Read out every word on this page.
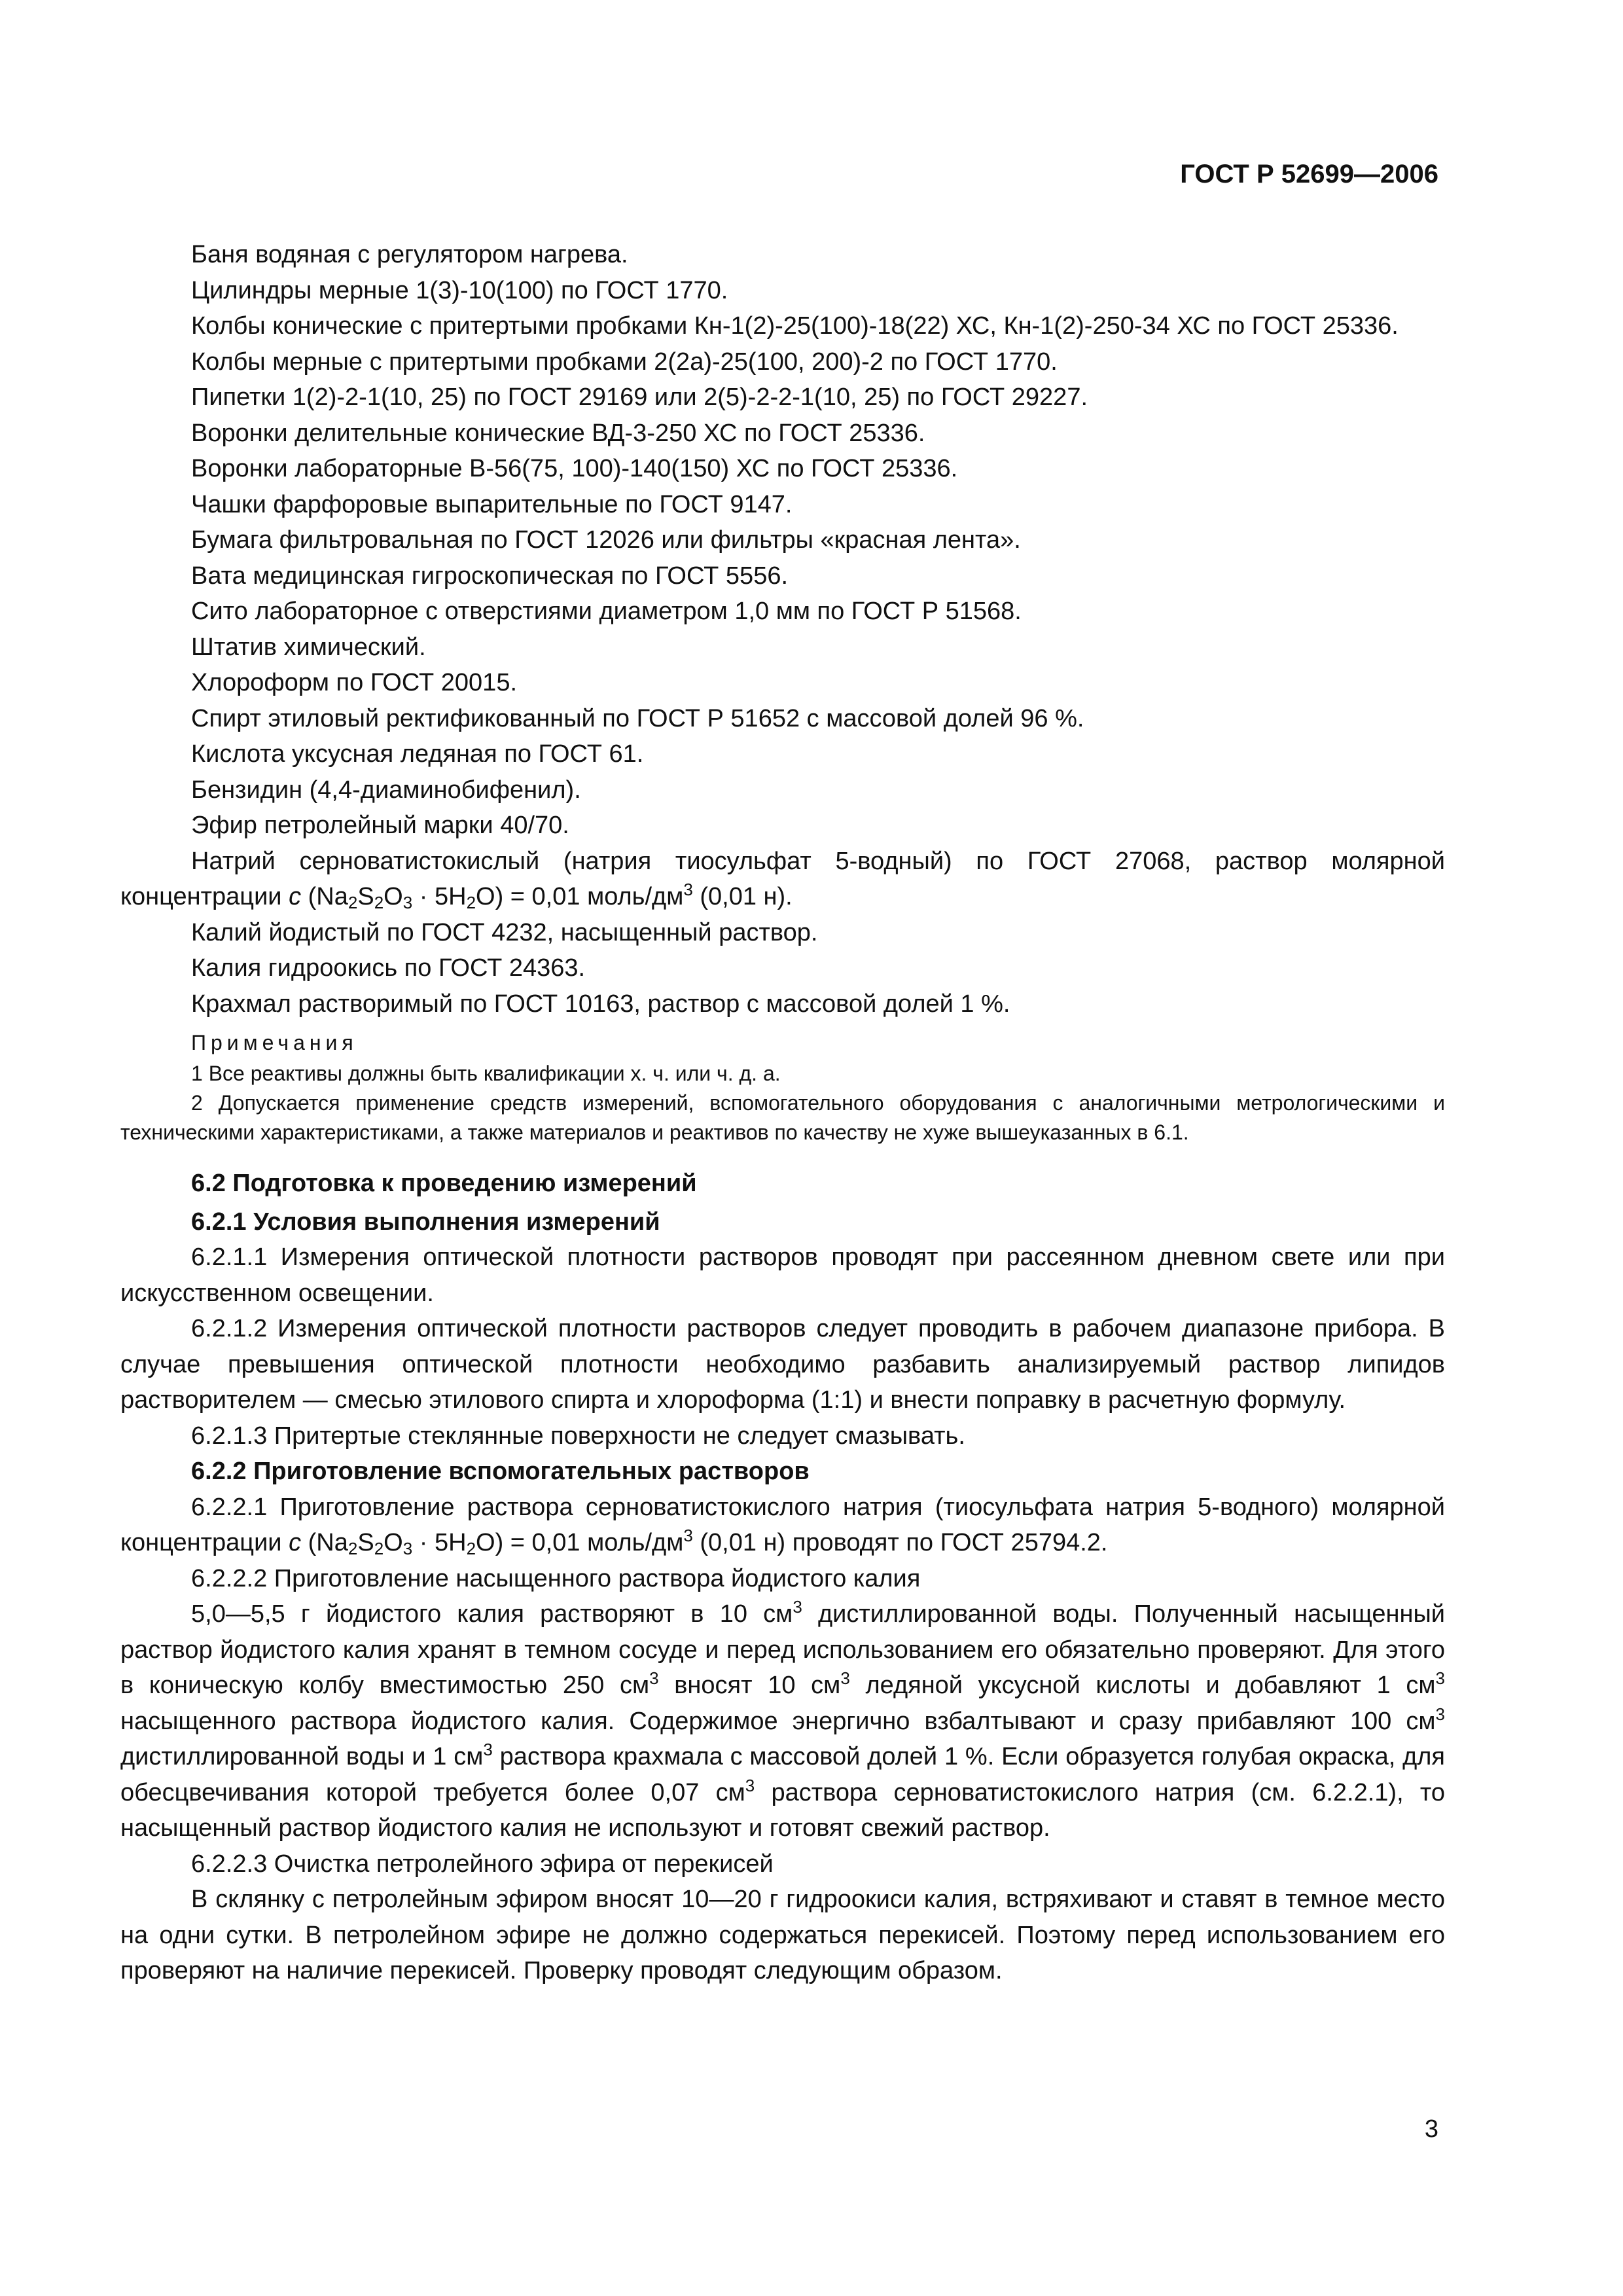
ГОСТ Р 52699—2006

Баня водяная с регулятором нагрева.

Цилиндры мерные 1(3)-10(100) по ГОСТ 1770.

Колбы конические с притертыми пробками Кн-1(2)-25(100)-18(22) ХС, Кн-1(2)-250-34 ХС по ГОСТ 25336.

Колбы мерные с притертыми пробками 2(2а)-25(100, 200)-2 по ГОСТ 1770.

Пипетки 1(2)-2-1(10, 25) по ГОСТ 29169 или 2(5)-2-2-1(10, 25) по ГОСТ 29227.

Воронки делительные конические ВД-3-250 ХС по ГОСТ 25336.

Воронки лабораторные В-56(75, 100)-140(150) ХС по ГОСТ 25336.

Чашки фарфоровые выпарительные по ГОСТ 9147.

Бумага фильтровальная по ГОСТ 12026 или фильтры «красная лента».

Вата медицинская гигроскопическая по ГОСТ 5556.

Сито лабораторное с отверстиями диаметром 1,0 мм по ГОСТ Р 51568.

Штатив химический.

Хлороформ по ГОСТ 20015.

Спирт этиловый ректификованный по ГОСТ Р 51652 с массовой долей 96 %.

Кислота уксусная ледяная по ГОСТ 61.

Бензидин (4,4-диаминобифенил).

Эфир петролейный марки 40/70.

Натрий серноватистокислый (натрия тиосульфат 5-водный) по ГОСТ 27068, раствор молярной концентрации c $(Na_2S_2O_3 \cdot 5H_2O) = 0,01$ моль/$дм^3$ (0,01 н).

Калий йодистый по ГОСТ 4232, насыщенный раствор.

Калия гидроокись по ГОСТ 24363.

Крахмал растворимый по ГОСТ 10163, раствор с массовой долей 1 %.

Примечания

1 Все реактивы должны быть квалификации х. ч. или ч. д. а.

2 Допускается применение средств измерений, вспомогательного оборудования с аналогичными метрологическими и техническими характеристиками, а также материалов и реактивов по качеству не хуже вышеуказанных в 6.1.

6.2 Подготовка к проведению измерений
6.2.1 Условия выполнения измерений

6.2.1.1 Измерения оптической плотности растворов проводят при рассеянном дневном свете или при искусственном освещении.

6.2.1.2 Измерения оптической плотности растворов следует проводить в рабочем диапазоне прибора. В случае превышения оптической плотности необходимо разбавить анализируемый раствор липидов растворителем — смесью этилового спирта и хлороформа (1:1) и внести поправку в расчетную формулу.

6.2.1.3 Притертые стеклянные поверхности не следует смазывать.

6.2.2 Приготовление вспомогательных растворов

6.2.2.1 Приготовление раствора серноватистокислого натрия (тиосульфата натрия 5-водного) молярной концентрации c $(Na_2S_2O_3 \cdot 5H_2O) = 0,01$ моль/$дм^3$ (0,01 н) проводят по ГОСТ 25794.2.

6.2.2.2 Приготовление насыщенного раствора йодистого калия

5,0—5,5 г йодистого калия растворяют в 10 $см^3$ дистиллированной воды. Полученный насыщенный раствор йодистого калия хранят в темном сосуде и перед использованием его обязательно проверяют. Для этого в коническую колбу вместимостью 250 $см^3$ вносят 10 $см^3$ ледяной уксусной кислоты и добавляют 1 $см^3$ насыщенного раствора йодистого калия. Содержимое энергично взбалтывают и сразу прибавляют 100 $см^3$ дистиллированной воды и 1 $см^3$ раствора крахмала с массовой долей 1 %. Если образуется голубая окраска, для обесцвечивания которой требуется более 0,07 $см^3$ раствора серноватистокислого натрия (см. 6.2.2.1), то насыщенный раствор йодистого калия не используют и готовят свежий раствор.

6.2.2.3 Очистка петролейного эфира от перекисей

В склянку с петролейным эфиром вносят 10—20 г гидроокиси калия, встряхивают и ставят в темное место на одни сутки. В петролейном эфире не должно содержаться перекисей. Поэтому перед использованием его проверяют на наличие перекисей. Проверку проводят следующим образом.

3
